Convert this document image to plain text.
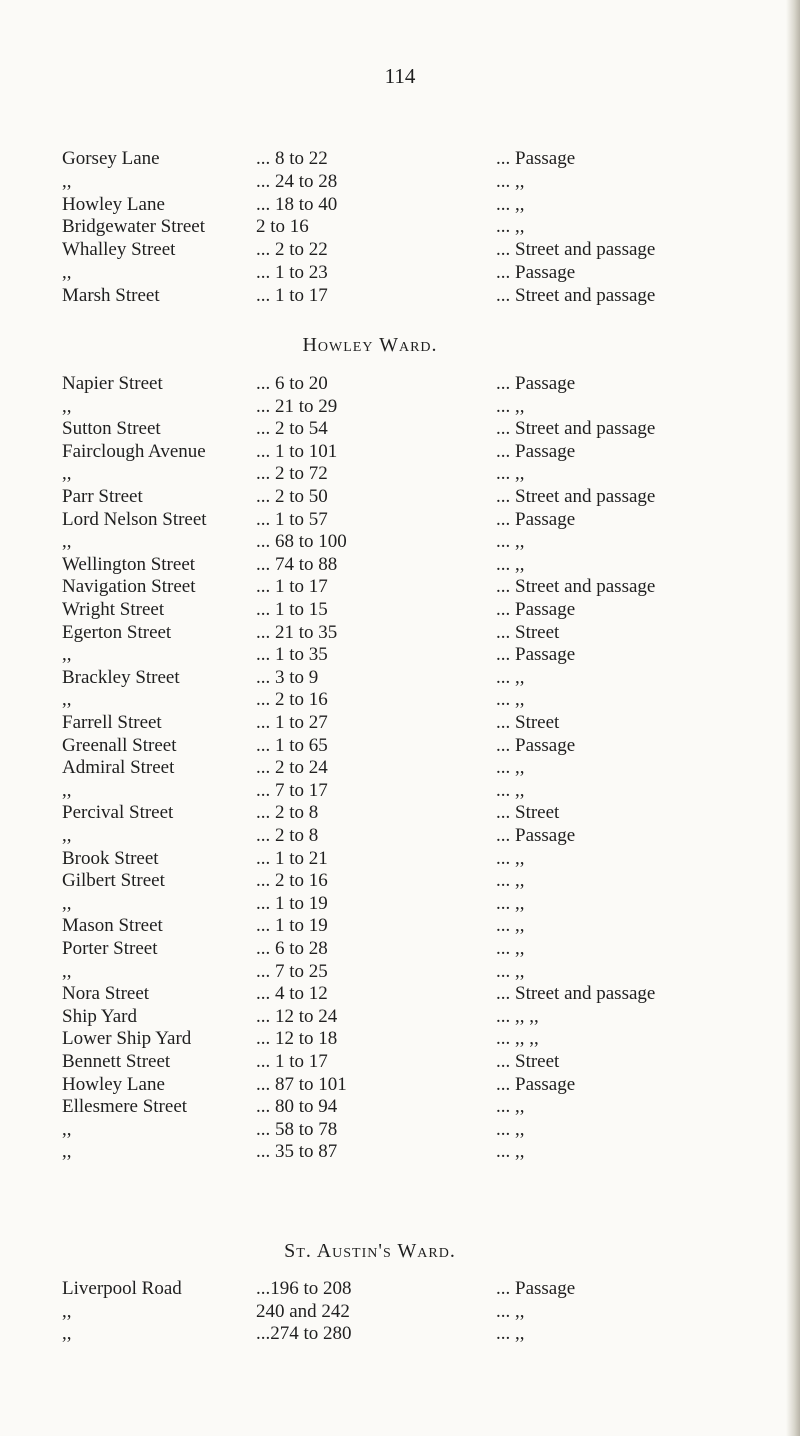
114
Gorsey Lane	... 8 to 22	... Passage
,,	... 24 to 28	... ,,
Howley Lane	... 18 to 40	... ,,
Bridgewater Street	2 to 16	... ,,
Whalley Street	... 2 to 22	... Street and passage
,,	... 1 to 23	... Passage
Marsh Street	... 1 to 17	... Street and passage
Howley Ward.
Napier Street	... 6 to 20	... Passage
,,	... 21 to 29	... ,,
Sutton Street	... 2 to 54	... Street and passage
Fairclough Avenue	... 1 to 101	... Passage
,,	... 2 to 72	... ,,
Parr Street	... 2 to 50	... Street and passage
Lord Nelson Street	... 1 to 57	... Passage
,,	... 68 to 100	... ,,
Wellington Street	... 74 to 88	... ,,
Navigation Street	... 1 to 17	... Street and passage
Wright Street	... 1 to 15	... Passage
Egerton Street	... 21 to 35	... Street
,,	... 1 to 35	... Passage
Brackley Street	... 3 to 9	... ,,
,,	... 2 to 16	... ,,
Farrell Street	... 1 to 27	... Street
Greenall Street	... 1 to 65	... Passage
Admiral Street	... 2 to 24	... ,,
,,	... 7 to 17	... ,,
Percival Street	... 2 to 8	... Street
,,	... 2 to 8	... Passage
Brook Street	... 1 to 21	... ,,
Gilbert Street	... 2 to 16	... ,,
,,	... 1 to 19	... ,,
Mason Street	... 1 to 19	... ,,
Porter Street	... 6 to 28	... ,,
,,	... 7 to 25	... ,,
Nora Street	... 4 to 12	... Street and passage
Ship Yard	... 12 to 24	... ,, ,,
Lower Ship Yard	... 12 to 18	... ,, ,,
Bennett Street	... 1 to 17	... Street
Howley Lane	... 87 to 101	... Passage
Ellesmere Street	... 80 to 94	... ,,
,,	... 58 to 78	... ,,
,,	... 35 to 87	... ,,
St. Austin's Ward.
Liverpool Road	...196 to 208	... Passage
,,	240 and 242	... ,,
,,	...274 to 280	... ,,
